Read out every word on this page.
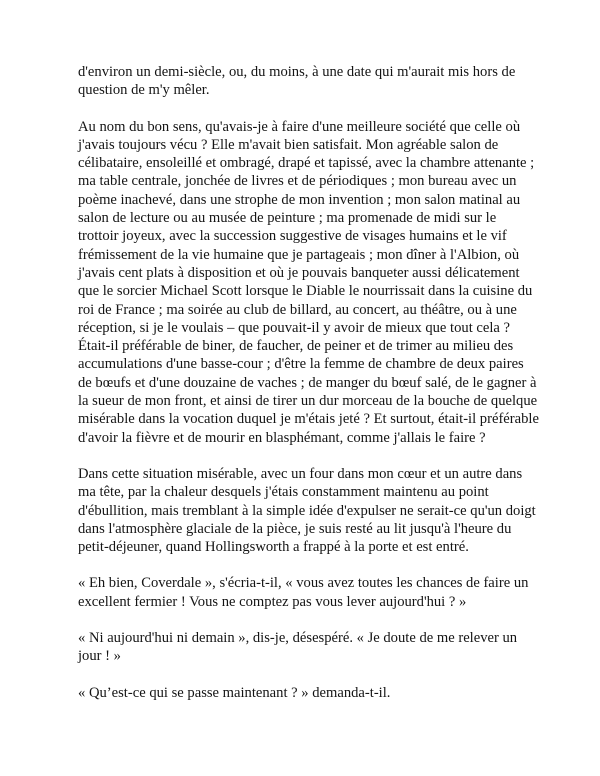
d'environ un demi-siècle, ou, du moins, à une date qui m'aurait mis hors de question de m'y mêler.

Au nom du bon sens, qu'avais-je à faire d'une meilleure société que celle où j'avais toujours vécu ? Elle m'avait bien satisfait. Mon agréable salon de célibataire, ensoleillé et ombragé, drapé et tapissé, avec la chambre attenante ; ma table centrale, jonchée de livres et de périodiques ; mon bureau avec un poème inachevé, dans une strophe de mon invention ; mon salon matinal au salon de lecture ou au musée de peinture ; ma promenade de midi sur le trottoir joyeux, avec la succession suggestive de visages humains et le vif frémissement de la vie humaine que je partageais ; mon dîner à l'Albion, où j'avais cent plats à disposition et où je pouvais banqueter aussi délicatement que le sorcier Michael Scott lorsque le Diable le nourrissait dans la cuisine du roi de France ; ma soirée au club de billard, au concert, au théâtre, ou à une réception, si je le voulais – que pouvait-il y avoir de mieux que tout cela ? Était-il préférable de biner, de faucher, de peiner et de trimer au milieu des accumulations d'une basse-cour ; d'être la femme de chambre de deux paires de bœufs et d'une douzaine de vaches ; de manger du bœuf salé, de le gagner à la sueur de mon front, et ainsi de tirer un dur morceau de la bouche de quelque misérable dans la vocation duquel je m'étais jeté ? Et surtout, était-il préférable d'avoir la fièvre et de mourir en blasphémant, comme j'allais le faire ?

Dans cette situation misérable, avec un four dans mon cœur et un autre dans ma tête, par la chaleur desquels j'étais constamment maintenu au point d'ébullition, mais tremblant à la simple idée d'expulser ne serait-ce qu'un doigt dans l'atmosphère glaciale de la pièce, je suis resté au lit jusqu'à l'heure du petit-déjeuner, quand Hollingsworth a frappé à la porte et est entré.

« Eh bien, Coverdale », s'écria-t-il, « vous avez toutes les chances de faire un excellent fermier ! Vous ne comptez pas vous lever aujourd'hui ? »

« Ni aujourd'hui ni demain », dis-je, désespéré. « Je doute de me relever un jour ! »

« Qu’est-ce qui se passe maintenant ? » demanda-t-il.
